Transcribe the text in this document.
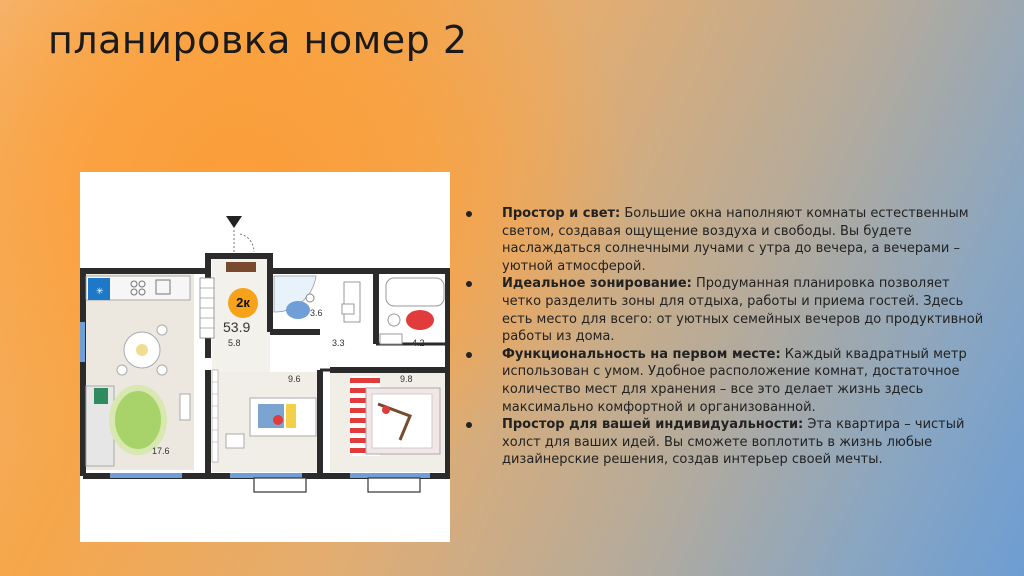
планировка номер 2
✳
2к
53.9
5.8
17.6
3.6
3.3	4.2
9.6	9.8
Простор и свет: Большие окна наполняют комнаты естественным светом, создавая ощущение воздуха и свободы. Вы будете наслаждаться солнечными лучами с утра до вечера, а вечерами – уютной атмосферой.
Идеальное зонирование: Продуманная планировка позволяет четко разделить зоны для отдыха, работы и приема гостей. Здесь есть место для всего: от уютных семейных вечеров до продуктивной работы из дома.
Функциональность на первом месте: Каждый квадратный метр использован с умом. Удобное расположение комнат, достаточное количество мест для хранения – все это делает жизнь здесь максимально комфортной и организованной.
Простор для вашей индивидуальности: Эта квартира – чистый холст для ваших идей. Вы сможете воплотить в жизнь любые дизайнерские решения, создав интерьер своей мечты.
